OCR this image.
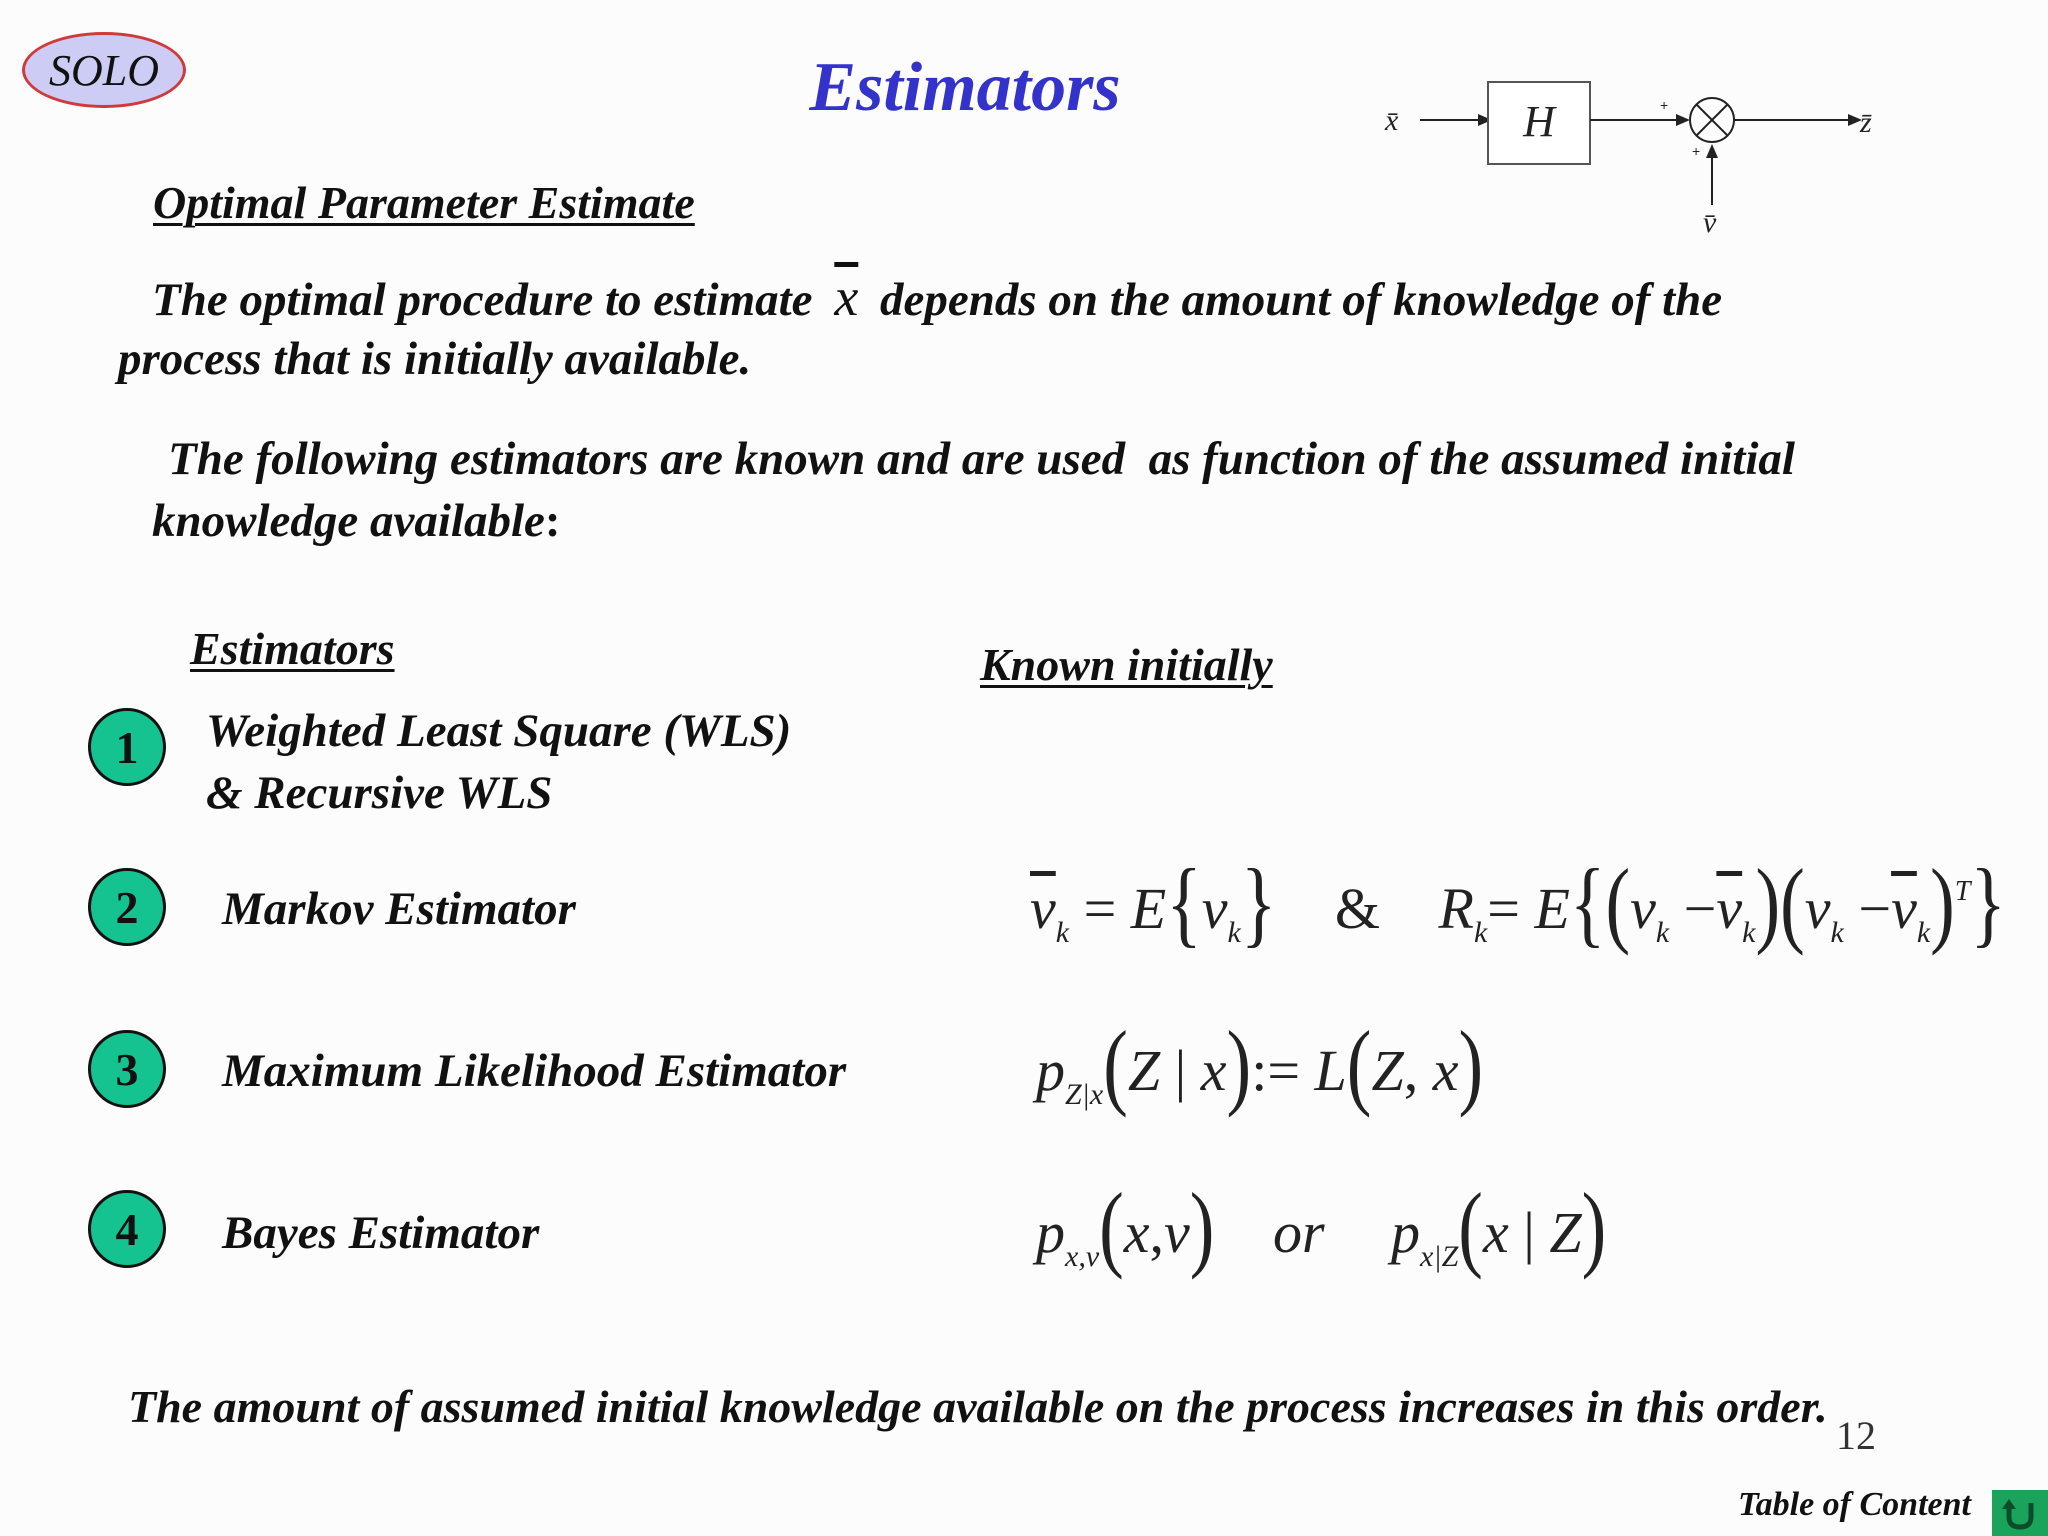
SOLO	Estimators	x̄	H	+
z̄
+
v̄
Optimal Parameter Estimate
The optimal procedure to estimate $\overline{x}$ depends on the amount of knowledge of the
process that is initially available.
The following estimators are known and are used  as function of the assumed initial
knowledge available:
Estimators	Known initially
1	Weighted Least Square (WLS)
& Recursive WLS
2	Markov Estimator	$\overline{v}_k = E\{v_k\}$ & $R_k= E\{(v_k -\overline{v}_k)(v_k -\overline{v}_k)^T\}$
3	Maximum Likelihood Estimator	$p_{Z|x}(Z$ | x):= L(Z, x)
4	Bayes Estimator	$p_{x,v}(x,v)$ or $p_{x|Z}(x$ | Z)
The amount of assumed initial knowledge available on the process increases in this order.
12
Table of Content
